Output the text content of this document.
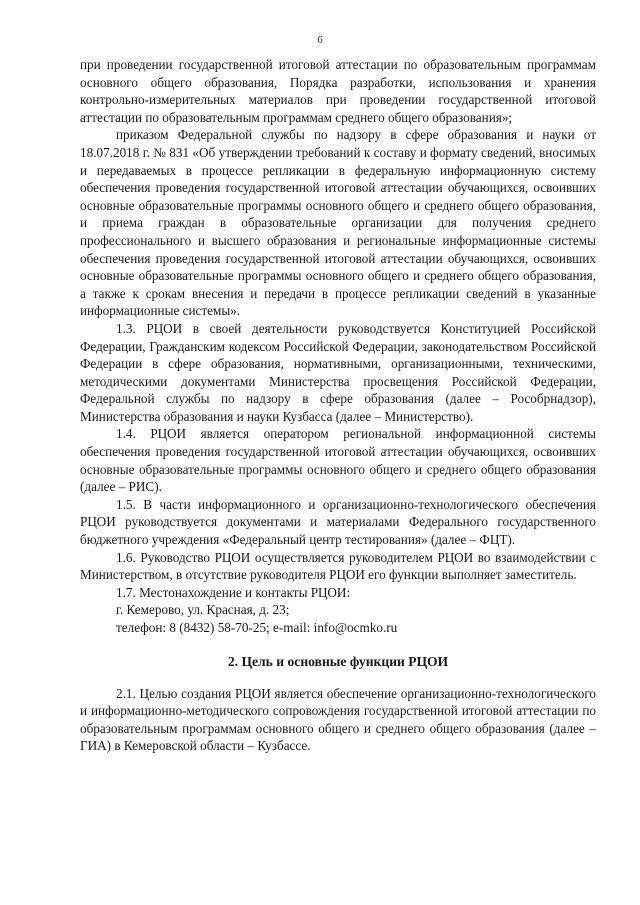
6

при проведении государственной итоговой аттестации по образовательным программам основного общего образования, Порядка разработки, использования и хранения контрольно-измерительных материалов при проведении государственной итоговой аттестации по образовательным программам среднего общего образования»;

приказом Федеральной службы по надзору в сфере образования и науки от 18.07.2018 г. № 831 «Об утверждении требований к составу и формату сведений, вносимых и передаваемых в процессе репликации в федеральную информационную систему обеспечения проведения государственной итоговой аттестации обучающихся, освоивших основные образовательные программы основного общего и среднего общего образования, и приема граждан в образовательные организации для получения среднего профессионального и высшего образования и региональные информационные системы обеспечения проведения государственной итоговой аттестации обучающихся, освоивших основные образовательные программы основного общего и среднего общего образования, а также к срокам внесения и передачи в процессе репликации сведений в указанные информационные системы».

1.3. РЦОИ в своей деятельности руководствуется Конституцией Российской Федерации, Гражданским кодексом Российской Федерации, законодательством Российской Федерации в сфере образования, нормативными, организационными, техническими, методическими документами Министерства просвещения Российской Федерации, Федеральной службы по надзору в сфере образования (далее – Рособрнадзор), Министерства образования и науки Кузбасса (далее – Министерство).

1.4. РЦОИ является оператором региональной информационной системы обеспечения проведения государственной итоговой аттестации обучающихся, освоивших основные образовательные программы основного общего и среднего общего образования (далее – РИС).

1.5. В части информационного и организационно-технологического обеспечения РЦОИ руководствуется документами и материалами Федерального государственного бюджетного учреждения «Федеральный центр тестирования» (далее – ФЦТ).

1.6. Руководство РЦОИ осуществляется руководителем РЦОИ во взаимодействии с Министерством, в отсутствие руководителя РЦОИ его функции выполняет заместитель.

1.7. Местонахождение и контакты РЦОИ:

г. Кемерово, ул. Красная, д. 23;

телефон: 8 (8432) 58-70-25; e-mail: info@ocmko.ru

2. Цель и основные функции РЦОИ

2.1. Целью создания РЦОИ является обеспечение организационно-технологического и информационно-методического сопровождения государственной итоговой аттестации по образовательным программам основного общего и среднего общего образования (далее – ГИА) в Кемеровской области – Кузбассе.
